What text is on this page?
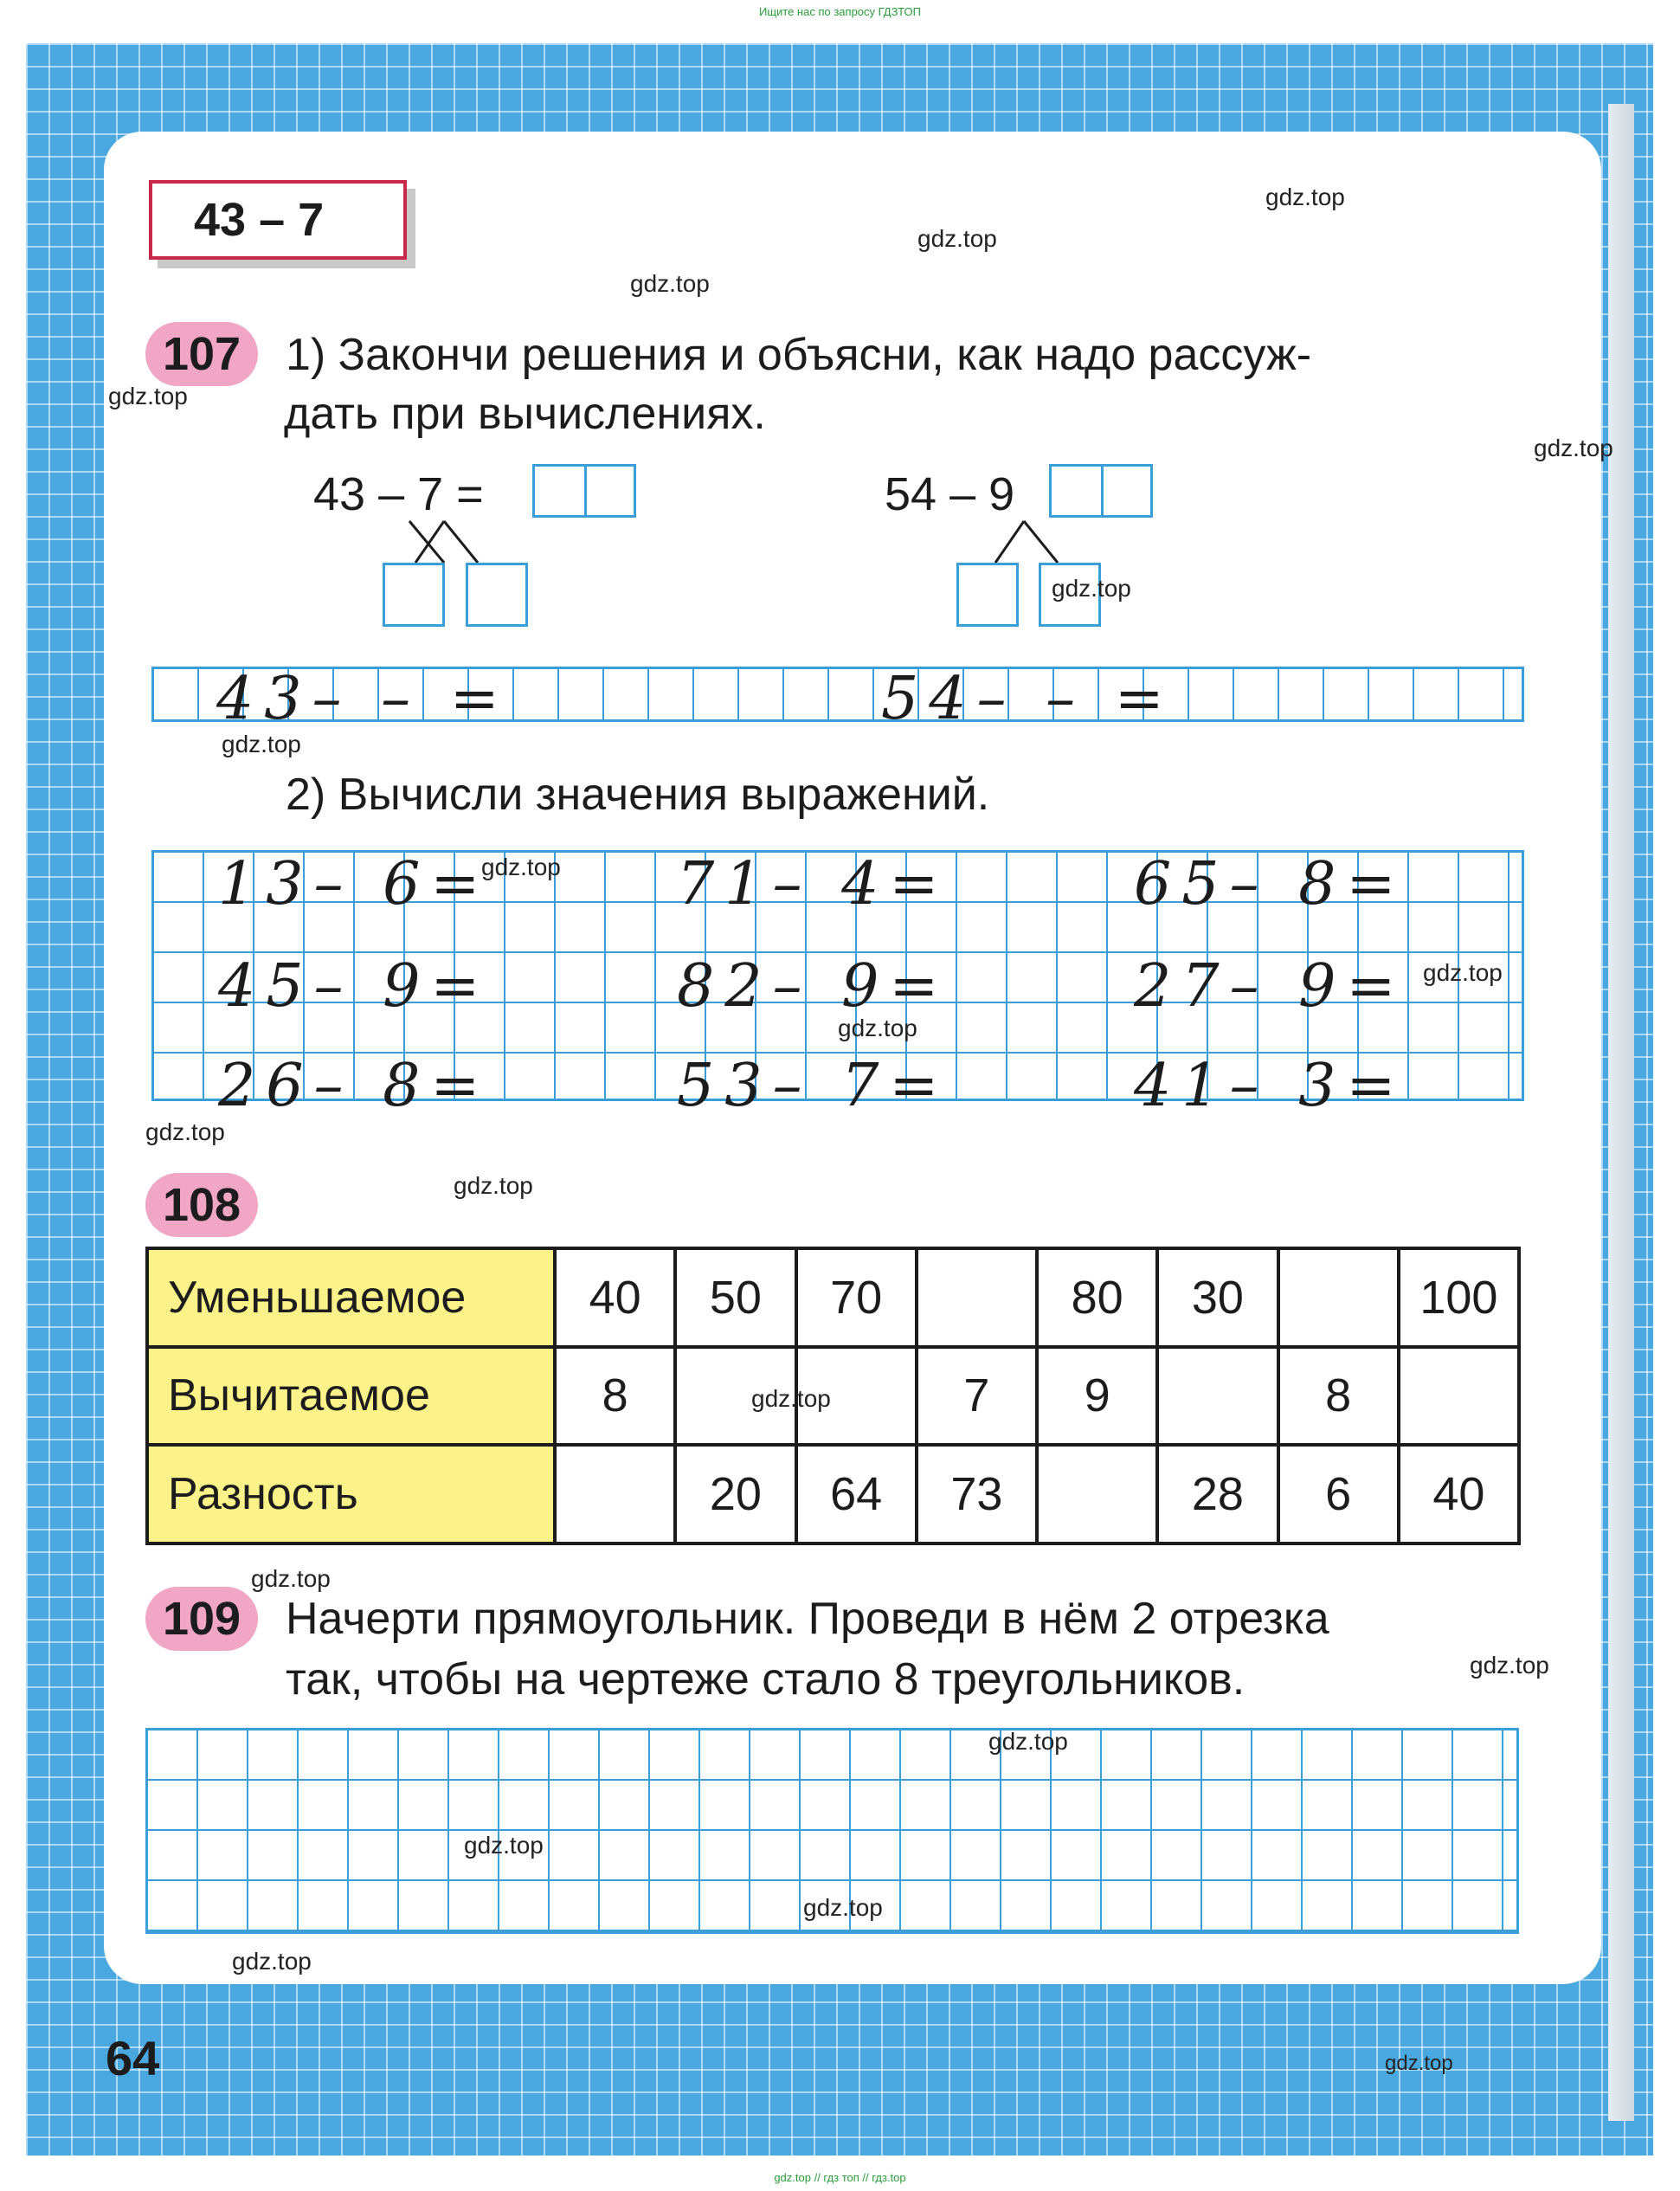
Ищите нас по запросу ГДЗТОП
43 – 7
107 1) Закончи решения и объясни, как надо рассуж-
дать при вычислениях.
43 – 7 =	54 – 9
43– – =	54– – =
2) Вычисли значения выражений.
13– 6=	71– 4=	65– 8=
45– 9=	82– 9=	27– 9=
26– 8=	53– 7=	41– 3=
108
Уменьшаемое	40	50	70		80	30		100
Вычитаемое	8			7	9		8	
Разность		20	64	73		28	6	40
109 Начерти прямоугольник. Проведи в нём 2 отрезка
так, чтобы на чертеже стало 8 треугольников.
64
gdz.top
gdz.top
gdz.top
gdz.top
gdz.top
gdz.top
gdz.top
gdz.top
gdz.top
gdz.top
gdz.top
gdz.top
gdz.top
gdz.top
gdz.top
gdz.top
gdz.top
gdz.top
gdz.top
gdz.top
gdz.top // гдз топ // гдз.top
